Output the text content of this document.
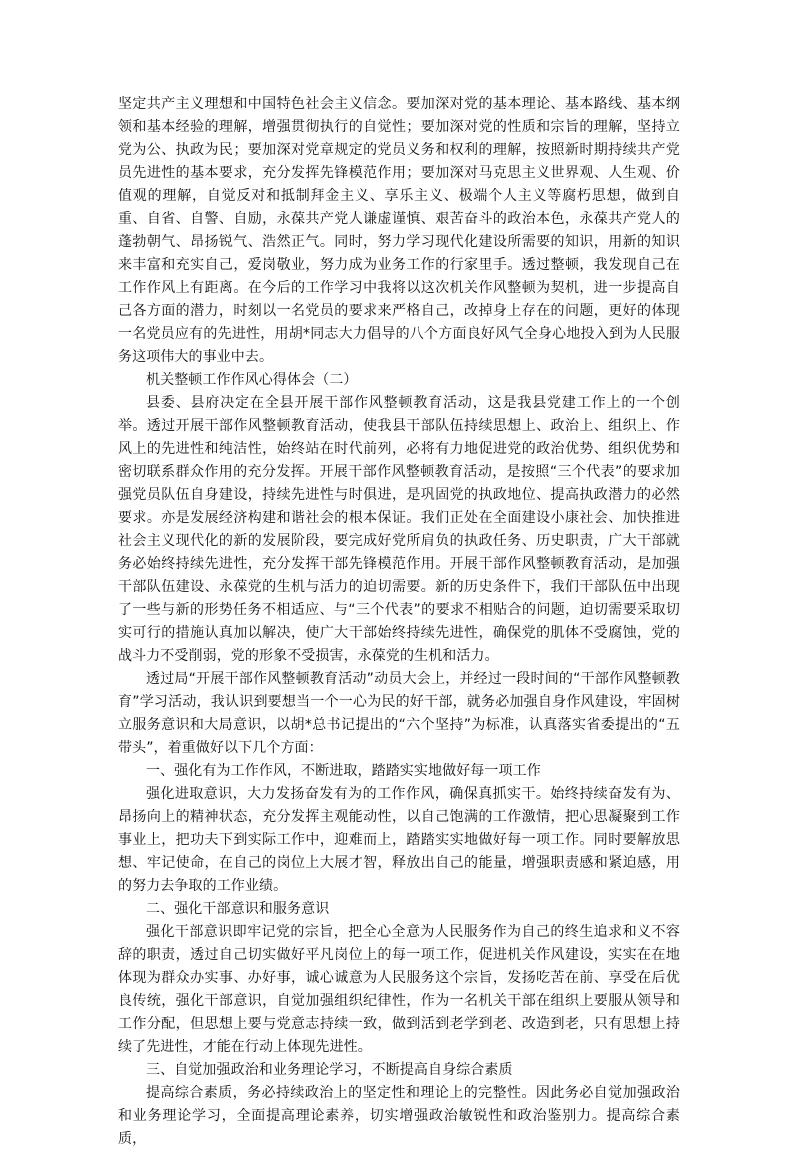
坚定共产主义理想和中国特色社会主义信念。要加深对党的基本理论、基本路线、基本纲领和基本经验的理解，增强贯彻执行的自觉性；要加深对党的性质和宗旨的理解，坚持立党为公、执政为民；要加深对党章规定的党员义务和权利的理解，按照新时期持续共产党员先进性的基本要求，充分发挥先锋模范作用；要加深对马克思主义世界观、人生观、价值观的理解，自觉反对和抵制拜金主义、享乐主义、极端个人主义等腐朽思想，做到自重、自省、自警、自励，永葆共产党人谦虚谨慎、艰苦奋斗的政治本色，永葆共产党人的蓬勃朝气、昂扬锐气、浩然正气。同时，努力学习现代化建设所需要的知识，用新的知识来丰富和充实自己，爱岗敬业，努力成为业务工作的行家里手。透过整顿，我发现自己在工作作风上有距离。在今后的工作学习中我将以这次机关作风整顿为契机，进一步提高自己各方面的潜力，时刻以一名党员的要求来严格自己，改掉身上存在的问题，更好的体现一名党员应有的先进性，用胡*同志大力倡导的八个方面良好风气全身心地投入到为人民服务这项伟大的事业中去。

机关整顿工作作风心得体会（二）

县委、县府决定在全县开展干部作风整顿教育活动，这是我县党建工作上的一个创举。透过开展干部作风整顿教育活动，使我县干部队伍持续思想上、政治上、组织上、作风上的先进性和纯洁性，始终站在时代前列，必将有力地促进党的政治优势、组织优势和密切联系群众作用的充分发挥。开展干部作风整顿教育活动，是按照“三个代表”的要求加强党员队伍自身建设，持续先进性与时俱进，是巩固党的执政地位、提高执政潜力的必然要求。亦是发展经济构建和谐社会的根本保证。我们正处在全面建设小康社会、加快推进社会主义现代化的新的发展阶段，要完成好党所肩负的执政任务、历史职责，广大干部就务必始终持续先进性，充分发挥干部先锋模范作用。开展干部作风整顿教育活动，是加强干部队伍建设、永葆党的生机与活力的迫切需要。新的历史条件下，我们干部队伍中出现了一些与新的形势任务不相适应、与“三个代表”的要求不相贴合的问题，迫切需要采取切实可行的措施认真加以解决，使广大干部始终持续先进性，确保党的肌体不受腐蚀，党的战斗力不受削弱，党的形象不受损害，永葆党的生机和活力。

透过局“开展干部作风整顿教育活动”动员大会上，并经过一段时间的“干部作风整顿教育”学习活动，我认识到要想当一个一心为民的好干部，就务必加强自身作风建设，牢固树立服务意识和大局意识，以胡*总书记提出的“六个坚持”为标准，认真落实省委提出的“五带头”，着重做好以下几个方面：

一、强化有为工作作风，不断进取，踏踏实实地做好每一项工作

强化进取意识，大力发扬奋发有为的工作作风，确保真抓实干。始终持续奋发有为、昂扬向上的精神状态，充分发挥主观能动性，以自己饱满的工作激情，把心思凝聚到工作事业上，把功夫下到实际工作中，迎难而上，踏踏实实地做好每一项工作。同时要解放思想、牢记使命，在自己的岗位上大展才智，释放出自己的能量，增强职责感和紧迫感，用的努力去争取的工作业绩。

二、强化干部意识和服务意识

强化干部意识即牢记党的宗旨，把全心全意为人民服务作为自己的终生追求和义不容辞的职责，透过自己切实做好平凡岗位上的每一项工作，促进机关作风建设，实实在在地体现为群众办实事、办好事，诚心诚意为人民服务这个宗旨，发扬吃苦在前、享受在后优良传统，强化干部意识，自觉加强组织纪律性，作为一名机关干部在组织上要服从领导和工作分配，但思想上要与党意志持续一致，做到活到老学到老、改造到老，只有思想上持续了先进性，才能在行动上体现先进性。

三、自觉加强政治和业务理论学习，不断提高自身综合素质

提高综合素质，务必持续政治上的坚定性和理论上的完整性。因此务必自觉加强政治和业务理论学习，全面提高理论素养，切实增强政治敏锐性和政治鉴别力。提高综合素质，
